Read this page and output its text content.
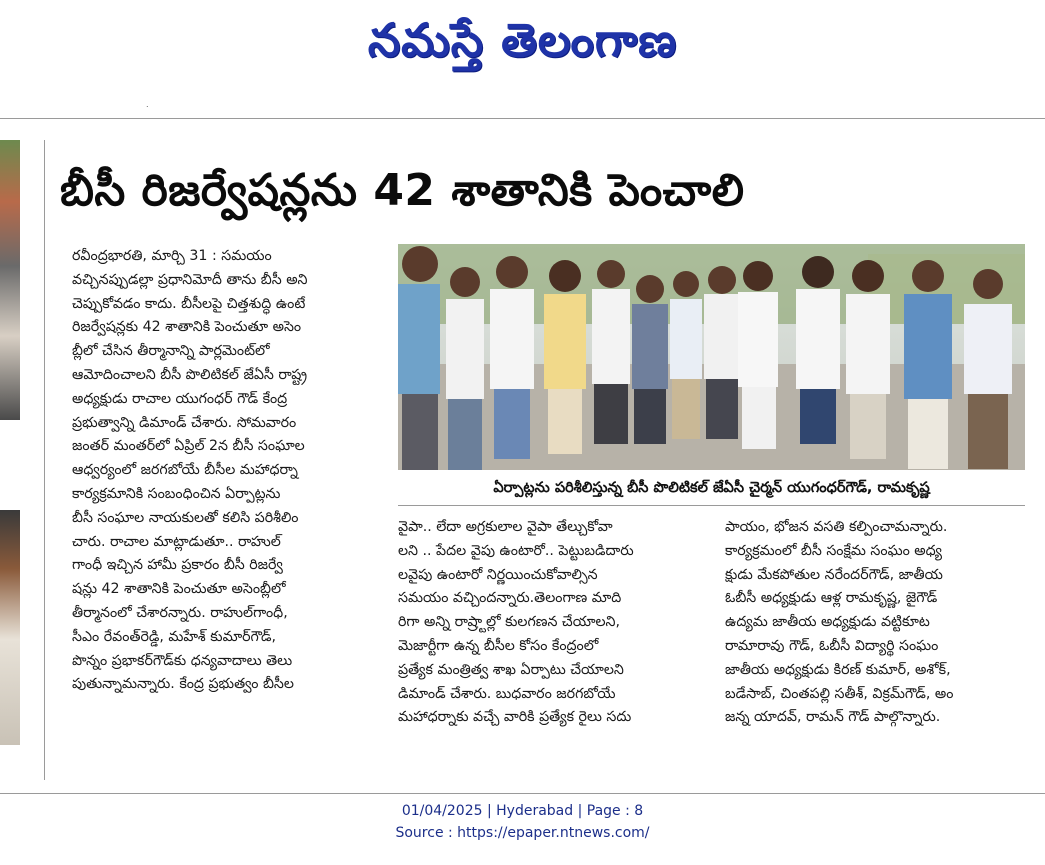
నమస్తే తెలంగాణ
.
బీసీ రిజర్వేషన్లను 42 శాతానికి పెంచాలి
రవీంద్రభారతి, మార్చి 31 : సమయం
వచ్చినప్పుడల్లా ప్రధానిమోదీ తాను బీసీ అని
చెప్పుకోవడం కాదు. బీసీలపై చిత్తశుద్ధి ఉంటే
రిజర్వేషన్లకు 42 శాతానికి పెంచుతూ అసెం
బ్లీలో చేసిన తీర్మానాన్ని పార్లమెంట్‌లో
ఆమోదించాలని బీసీ పొలిటికల్ జేఏసీ రాష్ట్ర
అధ్యక్షుడు రాచాల యుగంధర్ గౌడ్ కేంద్ర
ప్రభుత్వాన్ని డిమాండ్ చేశారు. సోమవారం
జంతర్ మంతర్‌లో ఏప్రిల్ 2న బీసీ సంఘాల
ఆధ్వర్యంలో జరగబోయే బీసీల మహాధర్నా
కార్యక్రమానికి సంబంధించిన ఏర్పాట్లను
బీసీ సంఘాల నాయకులతో కలిసి పరిశీలిం
చారు. రాచాల మాట్లాడుతూ.. రాహుల్
గాంధీ ఇచ్చిన హామీ ప్రకారం బీసీ రిజర్వే
షన్లు 42 శాతానికి పెంచుతూ అసెంబ్లీలో
తీర్మానంలో చేశారన్నారు. రాహుల్‌గాంధీ,
సీఎం రేవంత్‌రెడ్డి, మహేశ్ కుమార్‌గౌడ్,
పొన్నం ప్రభాకర్‌గౌడ్‌కు ధన్యవాదాలు తెలు
పుతున్నామన్నారు. కేంద్ర ప్రభుత్వం బీసీల
ఏర్పాట్లను పరిశీలిస్తున్న బీసీ పొలిటికల్ జేఏసీ చైర్మన్ యుగంధర్‌గౌడ్, రామకృష్ణ
వైపా.. లేదా అగ్రకులాల వైపా తేల్చుకోవా
లని .. పేదల వైపు ఉంటారో.. పెట్టుబడిదారు
లవైపు ఉంటారో నిర్ణయించుకోవాల్సిన
సమయం వచ్చిందన్నారు.తెలంగాణ మాది
రిగా అన్ని రాష్ర్టాల్లో కులగణన చేయాలని,
మెజార్టీగా ఉన్న బీసీల కోసం కేంద్రంలో
ప్రత్యేక మంత్రిత్వ శాఖ ఏర్పాటు చేయాలని
డిమాండ్ చేశారు. బుధవారం జరగబోయే
మహాధర్నాకు వచ్చే వారికి ప్రత్యేక రైలు సదు
పాయం, భోజన వసతి కల్పించామన్నారు.
కార్యక్రమంలో బీసీ సంక్షేమ సంఘం అధ్య
క్షుడు మేకపోతుల నరేందర్‌గౌడ్, జాతీయ
ఓబీసీ అధ్యక్షుడు ఆళ్ల రామకృష్ణ, జైగౌడ్
ఉద్యమ జాతీయ అధ్యక్షుడు వట్టికూట
రామారావు గౌడ్, ఓబీసీ విద్యార్థి సంఘం
జాతీయ అధ్యక్షుడు కిరణ్ కుమార్, అశోక్,
బడేసాబ్, చింతపల్లి సతీశ్, విక్రమ్‌గౌడ్, అం
జన్న యాదవ్, రామన్ గౌడ్ పాల్గొన్నారు.
01/04/2025 | Hyderabad | Page : 8
Source : https://epaper.ntnews.com/
